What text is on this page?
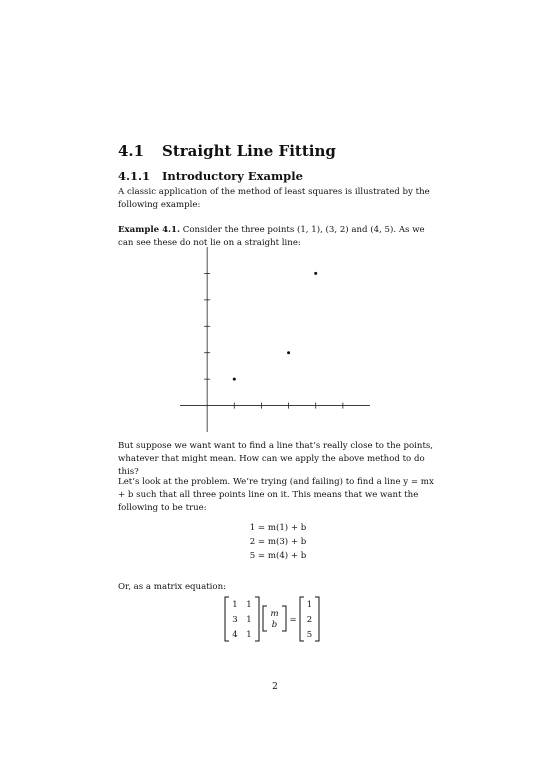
4.1 Straight Line Fitting
4.1.1 Introductory Example
A classic application of the method of least squares is illustrated by the following example:
Example 4.1. Consider the three points (1, 1), (3, 2) and (4, 5). As we can see these do not lie on a straight line:
But suppose we want want to find a line that’s really close to the points, whatever that might mean. How can we apply the above method to do this?
Let’s look at the problem. We’re trying (and failing) to find a line y = mx + b such that all three points line on it. This means that we want the following to be true:
1 = m(1) + b
2 = m(3) + b
5 = m(4) + b
Or, as a matrix equation:
1 1
3 1
4 1
m
b =
1
2
5
2
